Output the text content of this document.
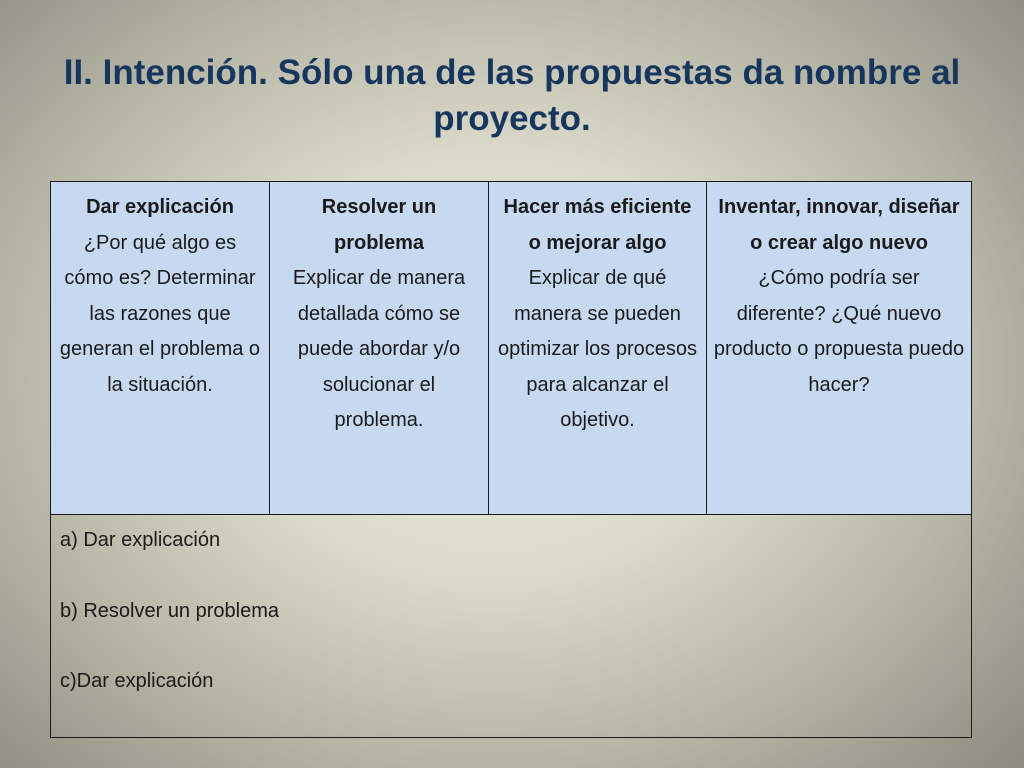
II. Intención. Sólo una de las propuestas da nombre al proyecto.
Dar explicación
¿Por qué algo es cómo es? Determinar las razones que generan el problema o la situación.
Resolver un problema
Explicar de manera detallada cómo se puede abordar y/o solucionar el problema.
Hacer más eficiente o mejorar algo
Explicar de qué manera se pueden optimizar los procesos para alcanzar el objetivo.
Inventar, innovar, diseñar o crear algo nuevo
¿Cómo podría ser diferente? ¿Qué nuevo producto o propuesta puedo hacer?
a) Dar explicación
b) Resolver un problema
c)Dar explicación
